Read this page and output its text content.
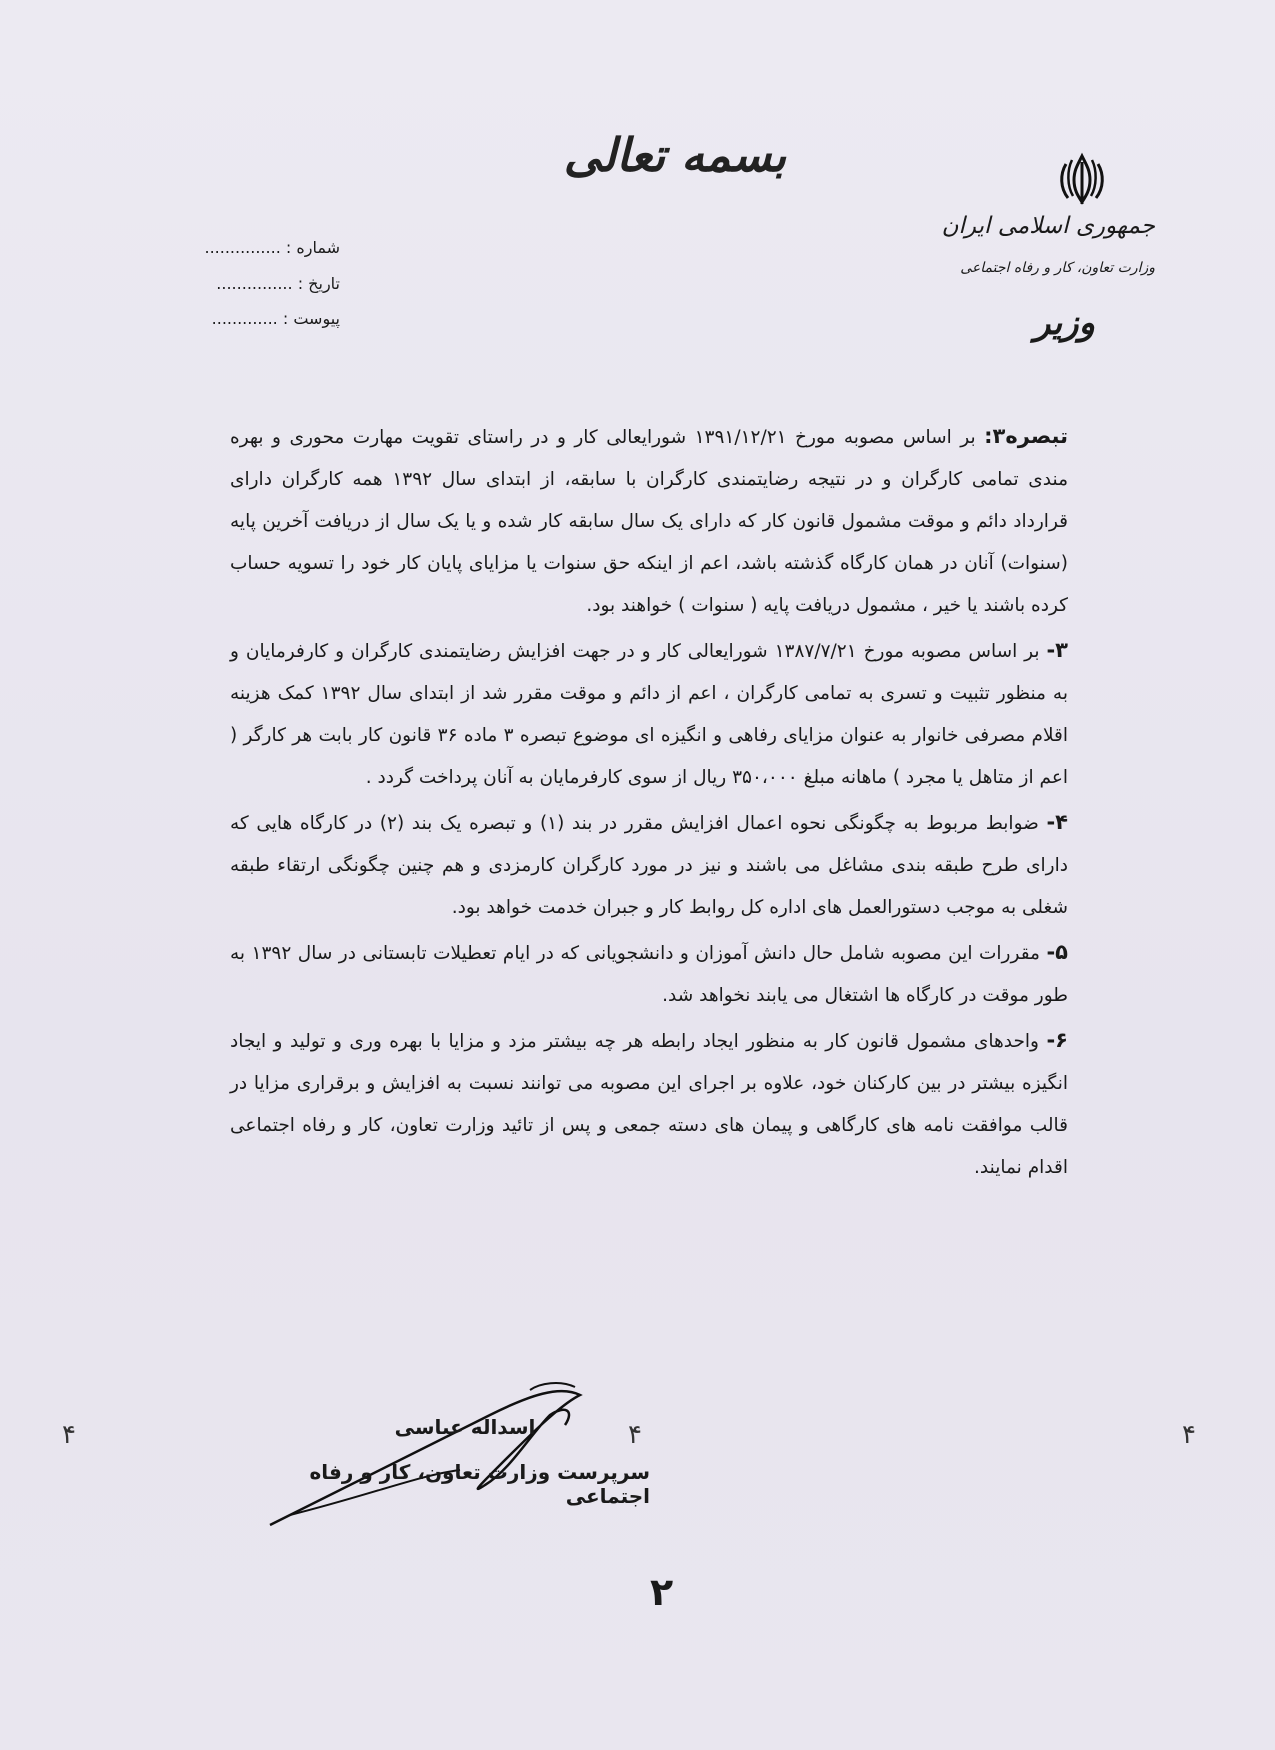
بسمه تعالی
جمهوری اسلامی ایران
وزارت تعاون، کار و رفاه اجتماعی
وزیر
شماره : ...............
تاریخ : ...............
پیوست : .............

تبصره۳: بر اساس مصوبه مورخ ۱۳۹۱/۱۲/۲۱ شورایعالی کار و در راستای تقویت مهارت محوری و بهره مندی تمامی کارگران و در نتیجه رضایتمندی کارگران با سابقه، از ابتدای سال ۱۳۹۲ همه کارگران دارای قرارداد دائم و موقت مشمول قانون کار که دارای یک سال سابقه کار شده و یا یک سال از دریافت آخرین پایه (سنوات) آنان در همان کارگاه گذشته باشد، اعم از اینکه حق سنوات یا مزایای پایان کار خود را تسویه حساب کرده باشند یا خیر ، مشمول دریافت پایه ( سنوات ) خواهند بود.

۳- بر اساس مصوبه مورخ ۱۳۸۷/۷/۲۱ شورایعالی کار و در جهت افزایش رضایتمندی کارگران و کارفرمایان و به منظور تثبیت و تسری به تمامی کارگران ، اعم از دائم و موقت مقرر شد از ابتدای سال ۱۳۹۲ کمک هزینه اقلام مصرفی خانوار به عنوان مزایای رفاهی و انگیزه ای موضوع تبصره ۳ ماده ۳۶ قانون کار بابت هر کارگر ( اعم از متاهل یا مجرد ) ماهانه مبلغ ۳۵۰،۰۰۰ ریال از سوی کارفرمایان به آنان پرداخت گردد .

۴- ضوابط مربوط به چگونگی نحوه اعمال افزایش مقرر در بند (۱) و تبصره یک بند (۲) در کارگاه هایی که دارای طرح طبقه بندی مشاغل می باشند و نیز در مورد کارگران کارمزدی و هم چنین چگونگی ارتقاء طبقه شغلی به موجب دستورالعمل های اداره کل روابط کار و جبران خدمت خواهد بود.

۵- مقررات این مصوبه شامل حال دانش آموزان و دانشجویانی که در ایام تعطیلات تابستانی در سال ۱۳۹۲ به طور موقت در کارگاه ها اشتغال می یابند نخواهد شد.

۶- واحدهای مشمول قانون کار به منظور ایجاد رابطه هر چه بیشتر مزد و مزایا با بهره وری و تولید و ایجاد انگیزه بیشتر در بین کارکنان خود، علاوه بر اجرای این مصوبه می توانند نسبت به افزایش و برقراری مزایا در قالب موافقت نامه های کارگاهی و پیمان های دسته جمعی و پس از تائید وزارت تعاون، کار و رفاه اجتماعی اقدام نمایند.

اسداله عباسی
سرپرست وزارت تعاون، کار و رفاه اجتماعی
۴	۴	۴
۲
